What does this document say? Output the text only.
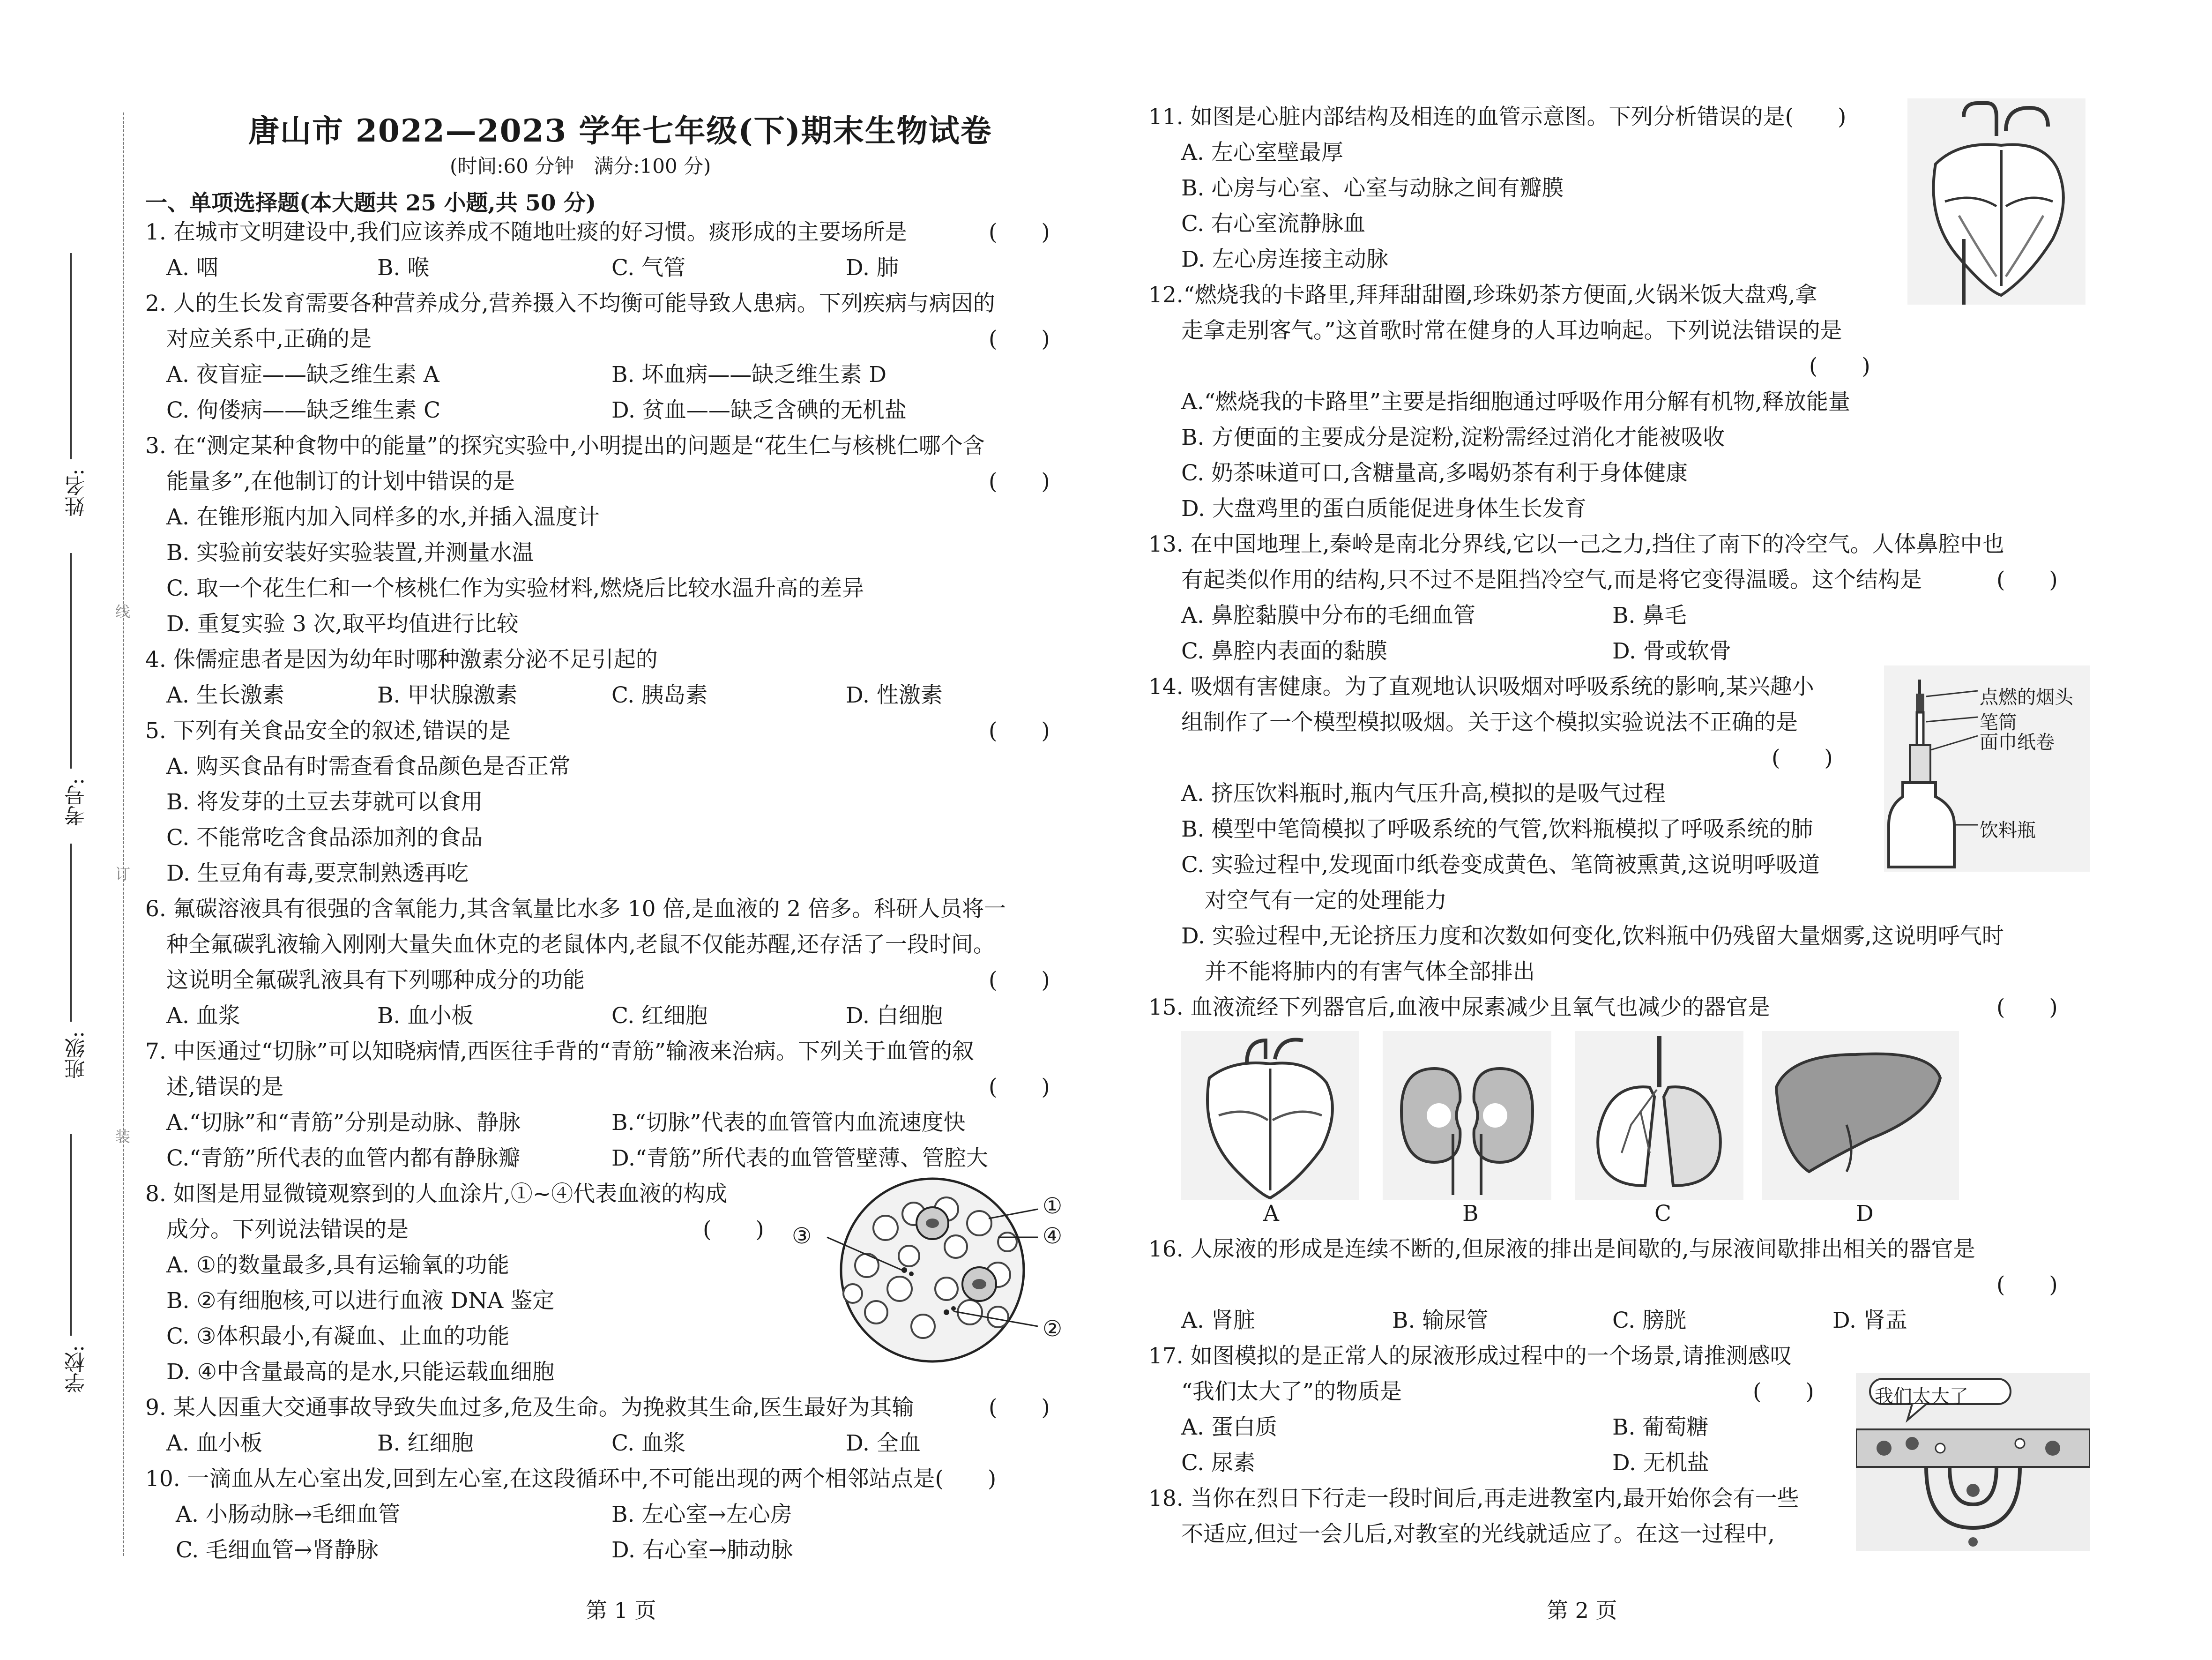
姓名:
考号:
班级:
学校:
线
订
装
唐山市 2022—2023 学年七年级(下)期末生物试卷
(时间:60 分钟　满分:100 分)
一、单项选择题(本大题共 25 小题,共 50 分)
1. 在城市文明建设中,我们应该养成不随地吐痰的好习惯。痰形成的主要场所是	(　　)
A. 咽	B. 喉	C. 气管	D. 肺
2. 人的生长发育需要各种营养成分,营养摄入不均衡可能导致人患病。下列疾病与病因的
对应关系中,正确的是	(　　)
A. 夜盲症——缺乏维生素 A	B. 坏血病——缺乏维生素 D
C. 佝偻病——缺乏维生素 C	D. 贫血——缺乏含碘的无机盐
3. 在“测定某种食物中的能量”的探究实验中,小明提出的问题是“花生仁与核桃仁哪个含
能量多”,在他制订的计划中错误的是	(　　)
A. 在锥形瓶内加入同样多的水,并插入温度计
B. 实验前安装好实验装置,并测量水温
C. 取一个花生仁和一个核桃仁作为实验材料,燃烧后比较水温升高的差异
D. 重复实验 3 次,取平均值进行比较
4. 侏儒症患者是因为幼年时哪种激素分泌不足引起的
A. 生长激素	B. 甲状腺激素	C. 胰岛素	D. 性激素
5. 下列有关食品安全的叙述,错误的是	(　　)
A. 购买食品有时需查看食品颜色是否正常
B. 将发芽的土豆去芽就可以食用
C. 不能常吃含食品添加剂的食品
D. 生豆角有毒,要烹制熟透再吃
6. 氟碳溶液具有很强的含氧能力,其含氧量比水多 10 倍,是血液的 2 倍多。科研人员将一
种全氟碳乳液输入刚刚大量失血休克的老鼠体内,老鼠不仅能苏醒,还存活了一段时间。
这说明全氟碳乳液具有下列哪种成分的功能	(　　)
A. 血浆	B. 血小板	C. 红细胞	D. 白细胞
7. 中医通过“切脉”可以知晓病情,西医往手背的“青筋”输液来治病。下列关于血管的叙
述,错误的是	(　　)
A.“切脉”和“青筋”分别是动脉、静脉	B.“切脉”代表的血管管内血流速度快
C.“青筋”所代表的血管内都有静脉瓣	D.“青筋”所代表的血管管壁薄、管腔大
8. 如图是用显微镜观察到的人血涂片,①~④代表血液的构成
成分。下列说法错误的是	(　　)
A. ①的数量最多,具有运输氧的功能
B. ②有细胞核,可以进行血液 DNA 鉴定
C. ③体积最小,有凝血、止血的功能
D. ④中含量最高的是水,只能运载血细胞
①
②
③	④
9. 某人因重大交通事故导致失血过多,危及生命。为挽救其生命,医生最好为其输	(　　)
A. 血小板	B. 红细胞	C. 血浆	D. 全血
10. 一滴血从左心室出发,回到左心室,在这段循环中,不可能出现的两个相邻站点是(　　)
A. 小肠动脉→毛细血管	B. 左心室→左心房
C. 毛细血管→肾静脉	D. 右心室→肺动脉
第 1 页
11. 如图是心脏内部结构及相连的血管示意图。下列分析错误的是(　　)
A. 左心室壁最厚
B. 心房与心室、心室与动脉之间有瓣膜
C. 右心室流静脉血
D. 左心房连接主动脉
12.“燃烧我的卡路里,拜拜甜甜圈,珍珠奶茶方便面,火锅米饭大盘鸡,拿
走拿走别客气。”这首歌时常在健身的人耳边响起。下列说法错误的是
(　　)
A.“燃烧我的卡路里”主要是指细胞通过呼吸作用分解有机物,释放能量
B. 方便面的主要成分是淀粉,淀粉需经过消化才能被吸收
C. 奶茶味道可口,含糖量高,多喝奶茶有利于身体健康
D. 大盘鸡里的蛋白质能促进身体生长发育
13. 在中国地理上,秦岭是南北分界线,它以一己之力,挡住了南下的冷空气。人体鼻腔中也
有起类似作用的结构,只不过不是阻挡冷空气,而是将它变得温暖。这个结构是	(　　)
A. 鼻腔黏膜中分布的毛细血管	B. 鼻毛
C. 鼻腔内表面的黏膜	D. 骨或软骨
14. 吸烟有害健康。为了直观地认识吸烟对呼吸系统的影响,某兴趣小
组制作了一个模型模拟吸烟。关于这个模拟实验说法不正确的是
(　　)
A. 挤压饮料瓶时,瓶内气压升高,模拟的是吸气过程
B. 模型中笔筒模拟了呼吸系统的气管,饮料瓶模拟了呼吸系统的肺
C. 实验过程中,发现面巾纸卷变成黄色、笔筒被熏黄,这说明呼吸道
对空气有一定的处理能力
D. 实验过程中,无论挤压力度和次数如何变化,饮料瓶中仍残留大量烟雾,这说明呼气时
并不能将肺内的有害气体全部排出
点燃的烟头
笔筒
面巾纸卷
饮料瓶
15. 血液流经下列器官后,血液中尿素减少且氧气也减少的器官是	(　　)
A	B	C	D
16. 人尿液的形成是连续不断的,但尿液的排出是间歇的,与尿液间歇排出相关的器官是
(　　)
A. 肾脏	B. 输尿管	C. 膀胱	D. 肾盂
17. 如图模拟的是正常人的尿液形成过程中的一个场景,请推测感叹
“我们太大了”的物质是	(　　)
A. 蛋白质	B. 葡萄糖
C. 尿素	D. 无机盐
我们太大了
18. 当你在烈日下行走一段时间后,再走进教室内,最开始你会有一些
不适应,但过一会儿后,对教室的光线就适应了。在这一过程中,
第 2 页
